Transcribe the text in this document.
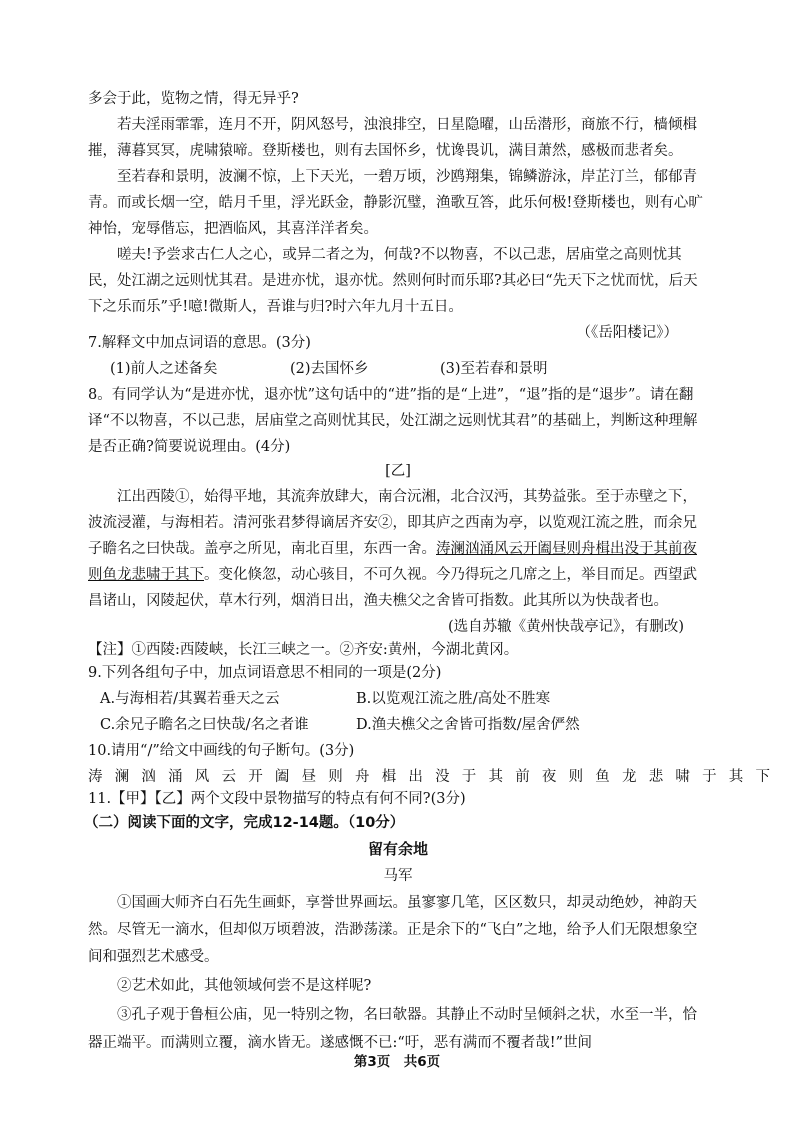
多会于此，览物之情，得无异乎?

若夫淫雨霏霏，连月不开，阴风怒号，浊浪排空，日星隐曜，山岳潜形，商旅不行，樯倾楫摧，薄暮冥冥，虎啸猿啼。登斯楼也，则有去国怀乡，忧谗畏讥，满目萧然，感极而悲者矣。

至若春和景明，波澜不惊，上下天光，一碧万顷，沙鸥翔集，锦鳞游泳，岸芷汀兰，郁郁青青。而或长烟一空，皓月千里，浮光跃金，静影沉璧，渔歌互答，此乐何极!登斯楼也，则有心旷神怡，宠辱偕忘，把酒临风，其喜洋洋者矣。

嗟夫!予尝求古仁人之心，或异二者之为，何哉?不以物喜，不以己悲，居庙堂之高则忧其民，处江湖之远则忧其君。是进亦忧，退亦忧。然则何时而乐耶?其必曰“先天下之忧而忧，后天下之乐而乐”乎!噫!微斯人，吾谁与归?时六年九月十五日。

（《岳阳楼记》）

7.解释文中加点词语的意思。(3分)

(1)前人之述备矣	(2)去国怀乡	(3)至若春和景明

8。有同学认为“是进亦忧，退亦忧”这句话中的“进”指的是“上进”，“退”指的是“退步”。请在翻译“不以物喜，不以己悲，居庙堂之高则忧其民，处江湖之远则忧其君”的基础上，判断这种理解是否正确?简要说说理由。(4分)

[乙]

江出西陵①，始得平地，其流奔放肆大，南合沅湘，北合汉沔，其势益张。至于赤壁之下，波流浸灌，与海相若。清河张君梦得谪居齐安②，即其庐之西南为亭，以览观江流之胜，而余兄子瞻名之曰快哉。盖亭之所见，南北百里，东西一舍。涛澜汹涌风云开阖昼则舟楫出没于其前夜则鱼龙悲啸于其下。变化倏忽，动心骇目，不可久视。今乃得玩之几席之上，举目而足。西望武昌诸山，冈陵起伏，草木行列，烟消日出，渔夫樵父之舍皆可指数。此其所以为快哉者也。

(选自苏辙《黄州快哉亭记》，有删改)

【注】①西陵:西陵峡，长江三峡之一。②齐安:黄州，今湖北黄冈。

9.下列各组句子中，加点词语意思不相同的一项是(2分)

A.与海相若/其翼若垂天之云	B.以览观江流之胜/高处不胜寒
C.余兄子瞻名之曰快哉/名之者谁	D.渔夫樵父之舍皆可指数/屋舍俨然

10.请用“/”给文中画线的句子断句。(3分)

涛澜汹涌风云开阖昼则舟楫出没于其前夜则鱼龙悲啸于其下

11.【甲】【乙】两个文段中景物描写的特点有何不同?(3分)

（二）阅读下面的文字，完成12-14题。（10分）

留有余地

马军

①国画大师齐白石先生画虾，享誉世界画坛。虽寥寥几笔，区区数只，却灵动绝妙，神韵天然。尽管无一滴水，但却似万顷碧波，浩渺荡漾。正是余下的“飞白”之地，给予人们无限想象空间和强烈艺术感受。

②艺术如此，其他领域何尝不是这样呢?

③孔子观于鲁桓公庙，见一特别之物，名曰欹器。其静止不动时呈倾斜之状，水至一半，恰器正端平。而满则立覆，滴水皆无。遂感慨不已:“吁，恶有满而不覆者哉!”世间

第3页　共6页
